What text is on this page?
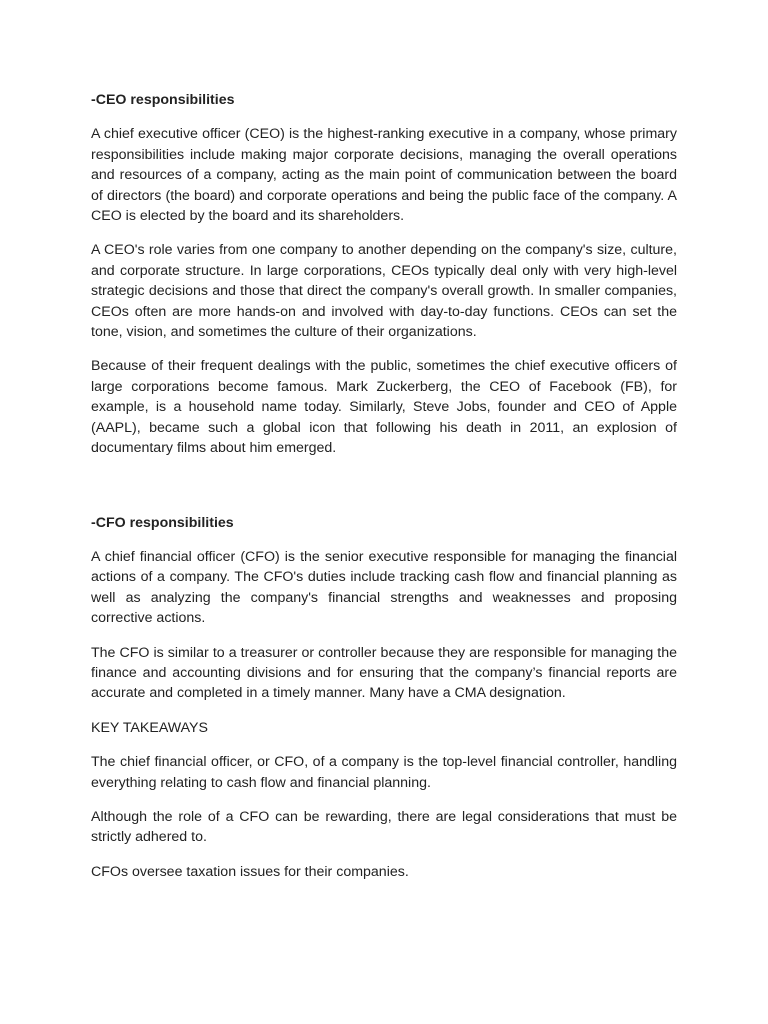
-CEO responsibilities

A chief executive officer (CEO) is the highest-ranking executive in a company, whose primary responsibilities include making major corporate decisions, managing the overall operations and resources of a company, acting as the main point of communication between the board of directors (the board) and corporate operations and being the public face of the company. A CEO is elected by the board and its shareholders.

A CEO's role varies from one company to another depending on the company's size, culture, and corporate structure. In large corporations, CEOs typically deal only with very high-level strategic decisions and those that direct the company's overall growth. In smaller companies, CEOs often are more hands-on and involved with day-to-day functions. CEOs can set the tone, vision, and sometimes the culture of their organizations.

Because of their frequent dealings with the public, sometimes the chief executive officers of large corporations become famous. Mark Zuckerberg, the CEO of Facebook (FB), for example, is a household name today. Similarly, Steve Jobs, founder and CEO of Apple (AAPL), became such a global icon that following his death in 2011, an explosion of documentary films about him emerged.

-CFO responsibilities

A chief financial officer (CFO) is the senior executive responsible for managing the financial actions of a company. The CFO's duties include tracking cash flow and financial planning as well as analyzing the company's financial strengths and weaknesses and proposing corrective actions.

The CFO is similar to a treasurer or controller because they are responsible for managing the finance and accounting divisions and for ensuring that the company’s financial reports are accurate and completed in a timely manner. Many have a CMA designation.

KEY TAKEAWAYS

The chief financial officer, or CFO, of a company is the top-level financial controller, handling everything relating to cash flow and financial planning.

Although the role of a CFO can be rewarding, there are legal considerations that must be strictly adhered to.

CFOs oversee taxation issues for their companies.
